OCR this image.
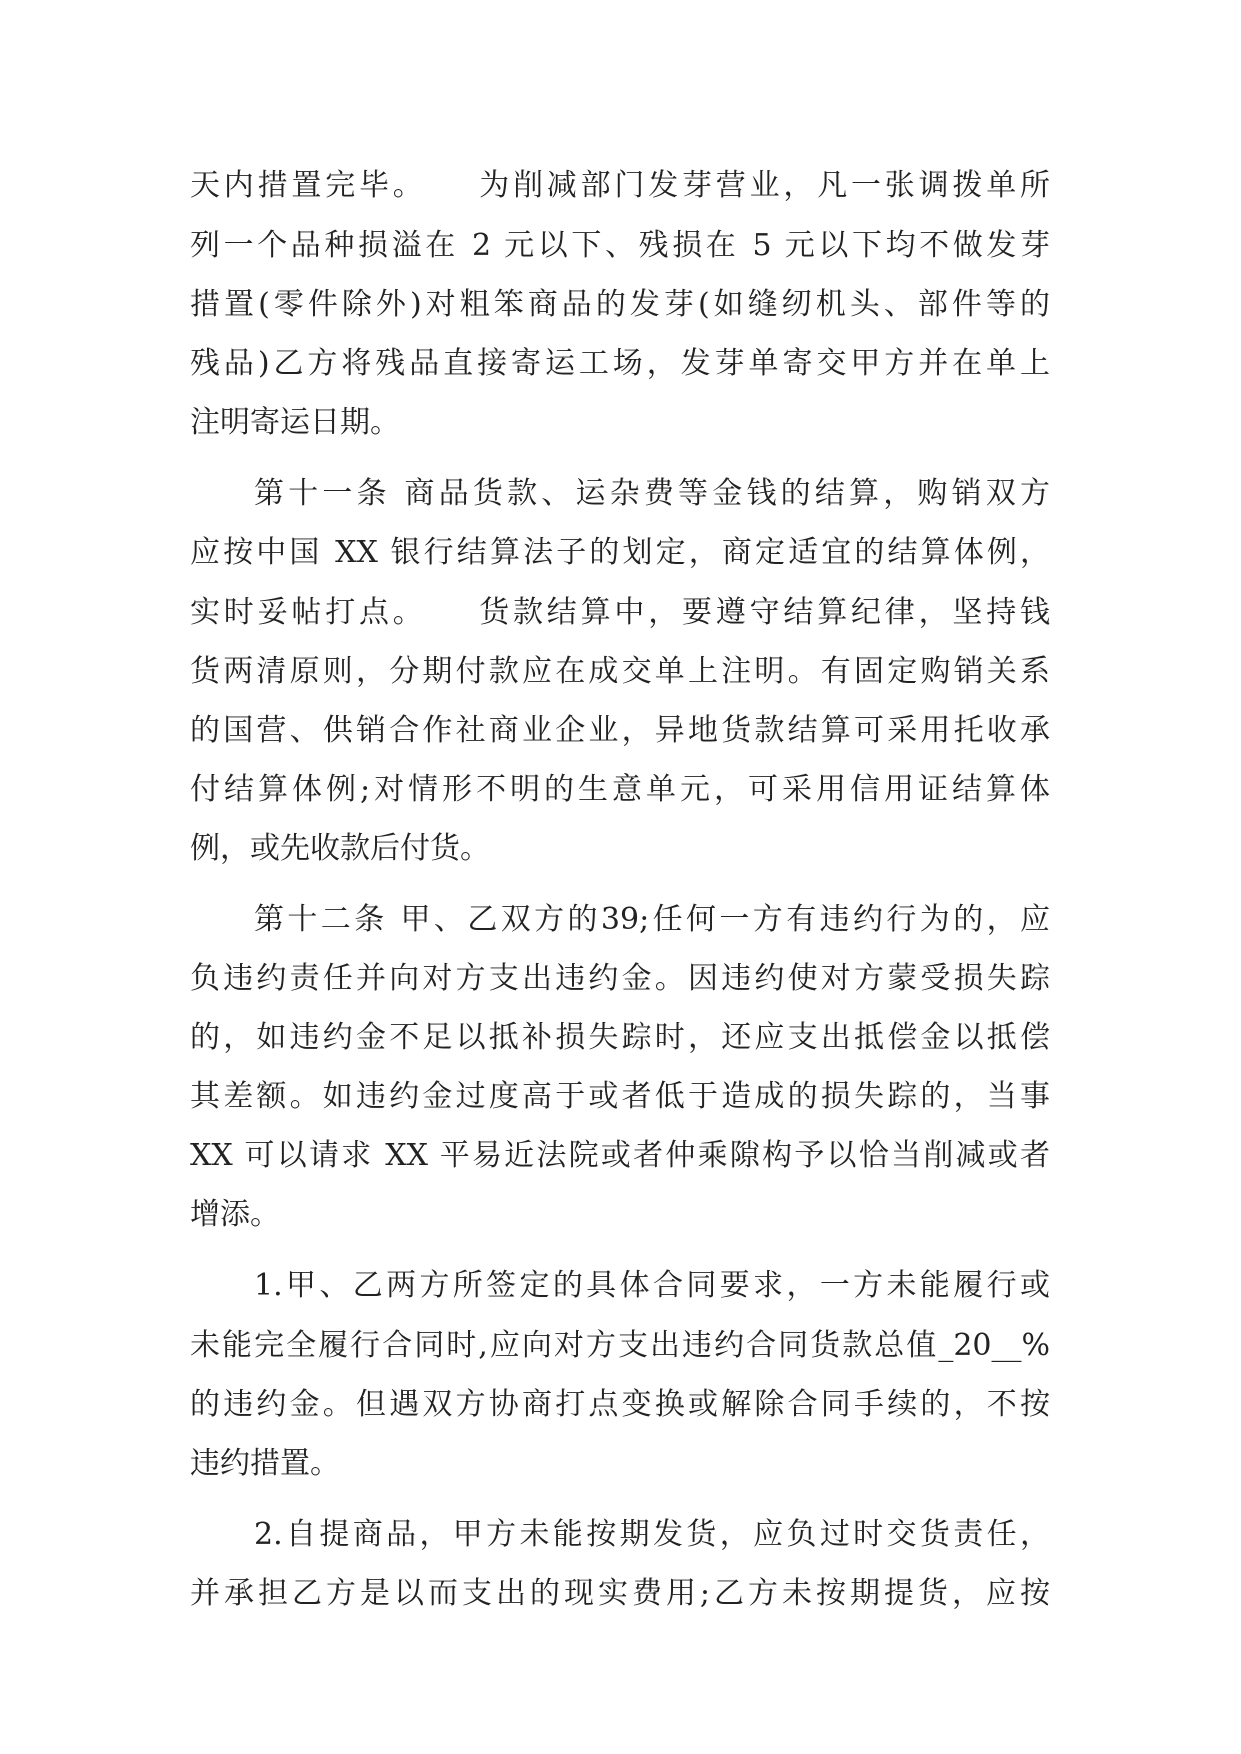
天内措置完毕。　　为削减部门发芽营业，凡一张调拨单所
列一个品种损溢在 2 元以下、残损在 5 元以下均不做发芽
措置(零件除外)对粗笨商品的发芽(如缝纫机头、部件等的
残品)乙方将残品直接寄运工场，发芽单寄交甲方并在单上
注明寄运日期。
第十一条 商品货款、运杂费等金钱的结算，购销双方
应按中国 XX 银行结算法子的划定，商定适宜的结算体例，
实时妥帖打点。　　货款结算中，要遵守结算纪律，坚持钱
货两清原则，分期付款应在成交单上注明。有固定购销关系
的国营、供销合作社商业企业，异地货款结算可采用托收承
付结算体例;对情形不明的生意单元，可采用信用证结算体
例，或先收款后付货。
第十二条 甲、乙双方的39;任何一方有违约行为的，应
负违约责任并向对方支出违约金。因违约使对方蒙受损失踪
的，如违约金不足以抵补损失踪时，还应支出抵偿金以抵偿
其差额。如违约金过度高于或者低于造成的损失踪的，当事
XX 可以请求 XX 平易近法院或者仲乘隙构予以恰当削减或者
增添。
1.甲、乙两方所签定的具体合同要求，一方未能履行或
未能完全履行合同时,应向对方支出违约合同货款总值_20__%
的违约金。但遇双方协商打点变换或解除合同手续的，不按
违约措置。
2.自提商品，甲方未能按期发货，应负过时交货责任，
并承担乙方是以而支出的现实费用;乙方未按期提货，应按
